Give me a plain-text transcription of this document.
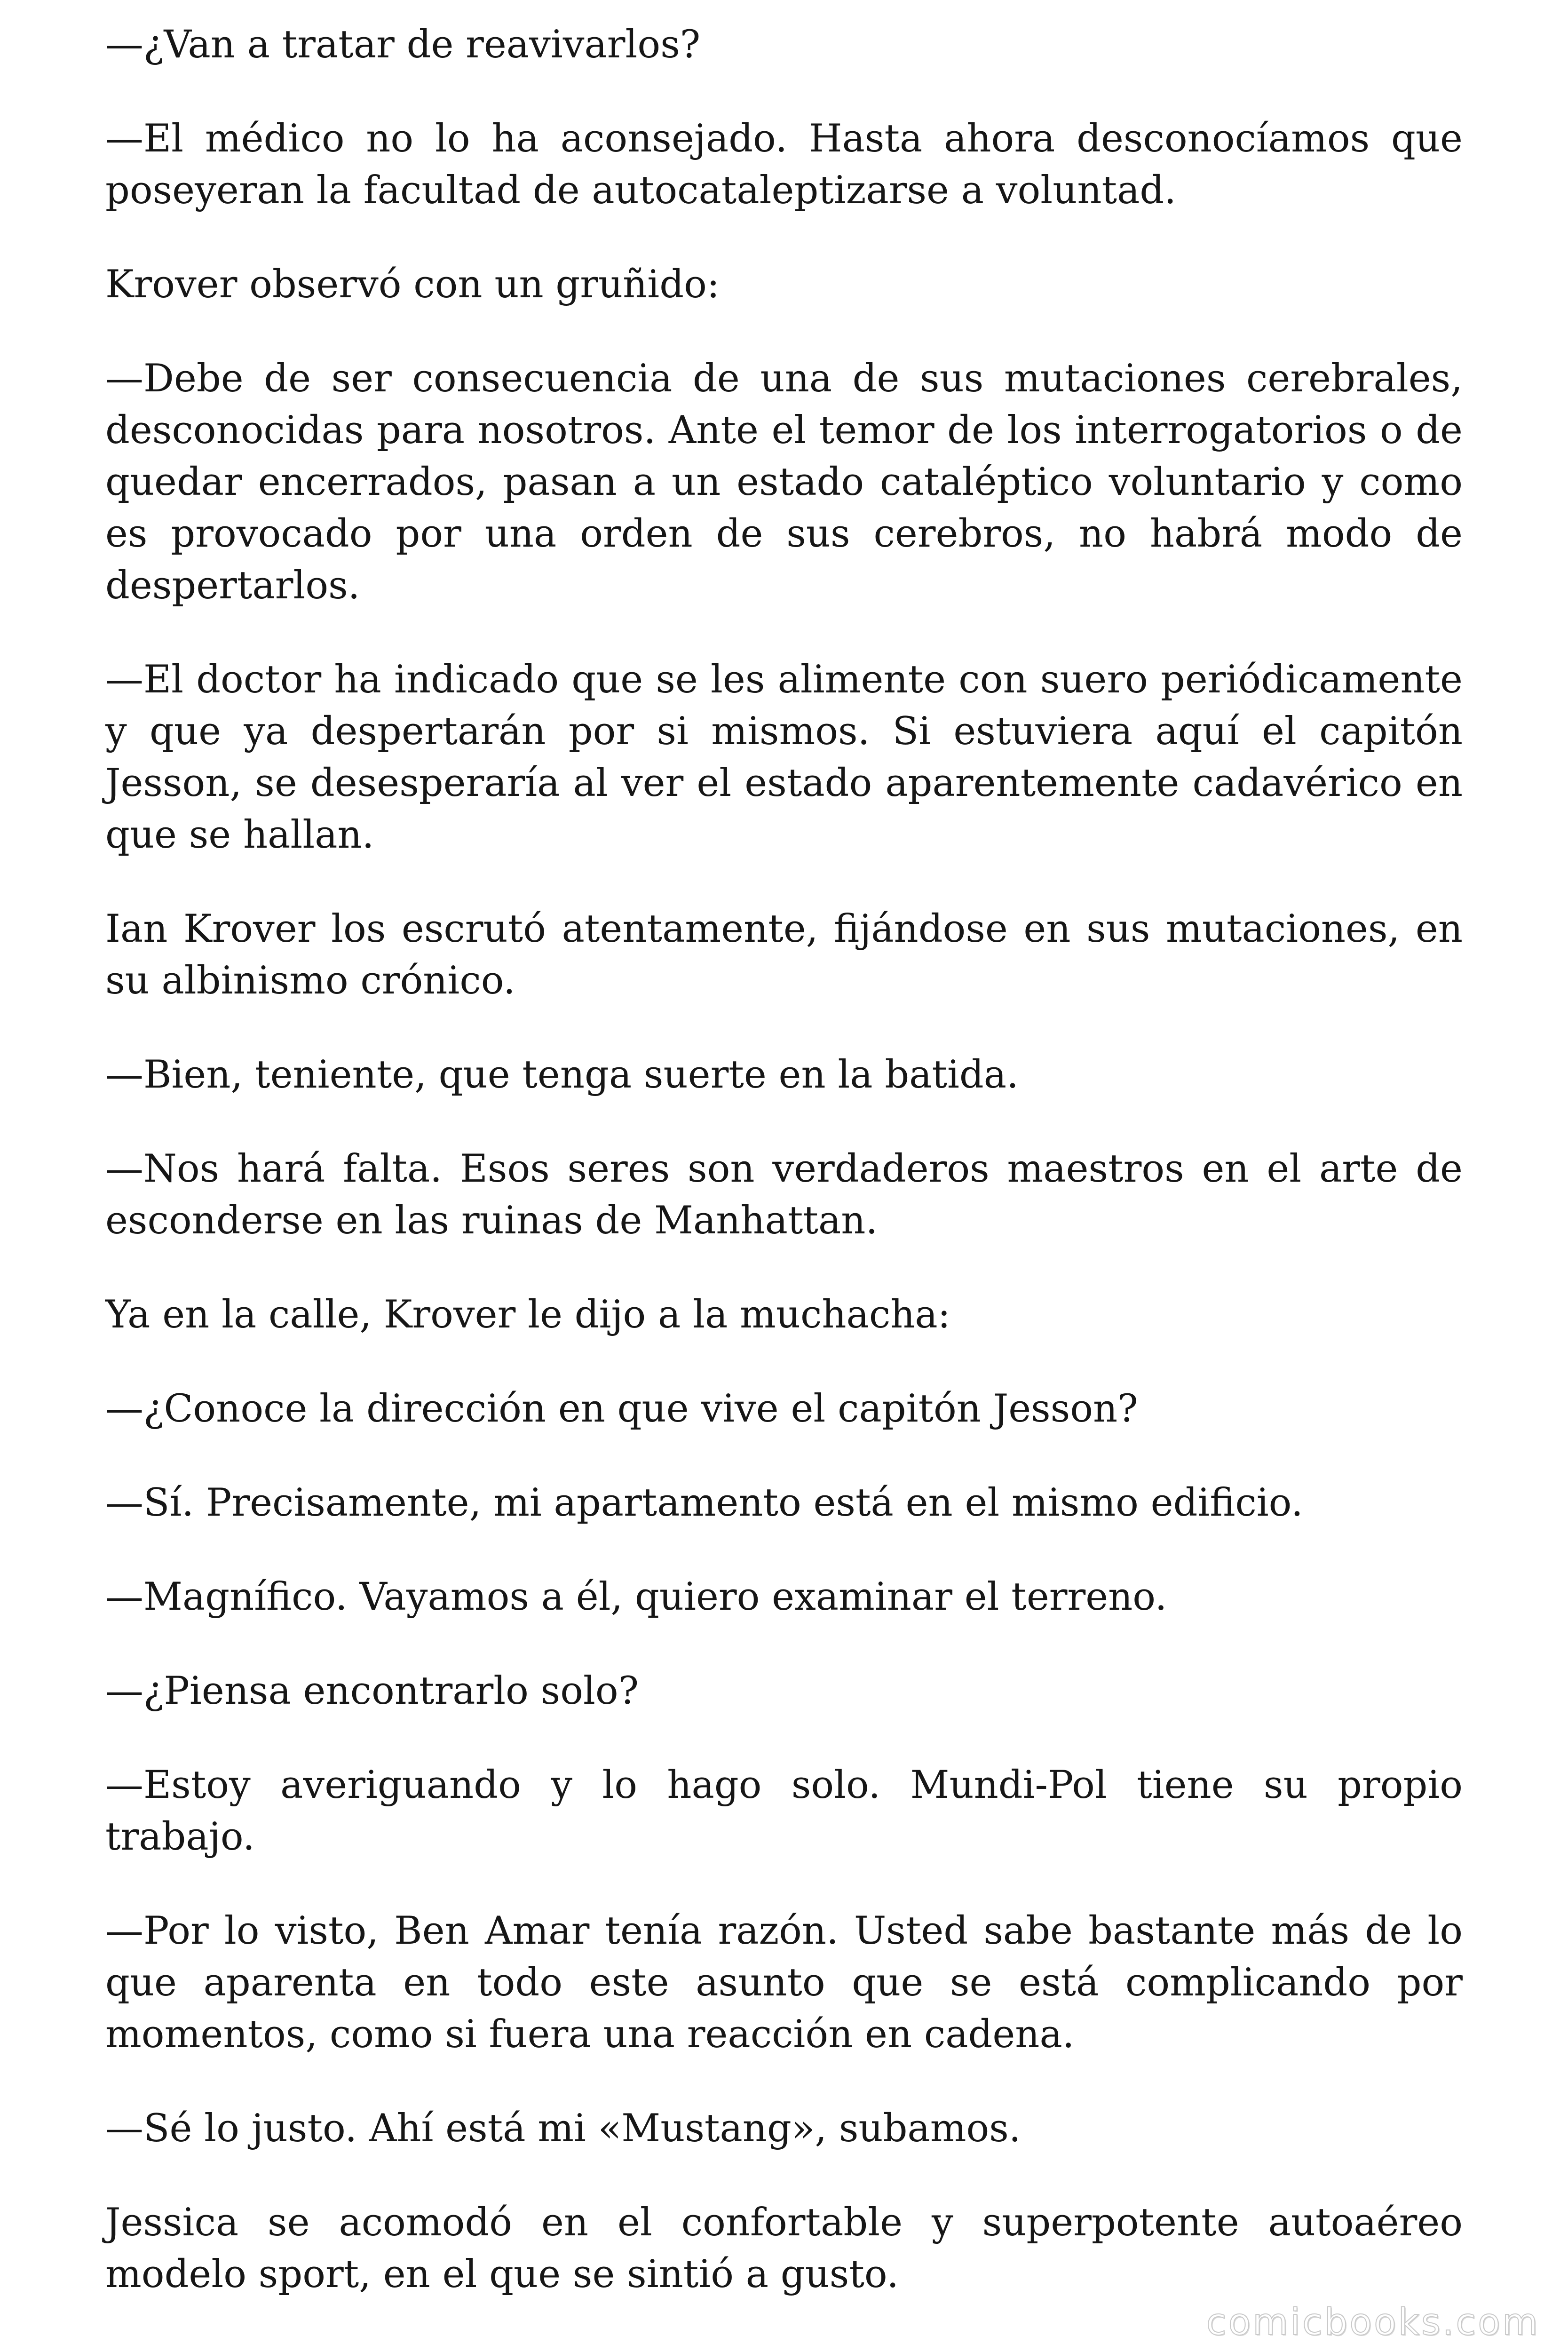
—¿Van a tratar de reavivarlos?

—El médico no lo ha aconsejado. Hasta ahora desconocíamos que poseyeran la facultad de autocataleptizarse a voluntad.

Krover observó con un gruñido:

—Debe de ser consecuencia de una de sus mutaciones cerebrales, desconocidas para nosotros. Ante el temor de los interrogatorios o de quedar encerrados, pasan a un estado cataléptico voluntario y como es provocado por una orden de sus cerebros, no habrá modo de despertarlos.

—El doctor ha indicado que se les alimente con suero periódicamente y que ya despertarán por si mismos. Si estuviera aquí el capitón Jesson, se desesperaría al ver el estado aparentemente cadavérico en que se hallan.

Ian Krover los escrutó atentamente, fijándose en sus mutaciones, en su albinismo crónico.

—Bien, teniente, que tenga suerte en la batida.

—Nos hará falta. Esos seres son verdaderos maestros en el arte de esconderse en las ruinas de Manhattan.

Ya en la calle, Krover le dijo a la muchacha:

—¿Conoce la dirección en que vive el capitón Jesson?

—Sí. Precisamente, mi apartamento está en el mismo edificio.

—Magnífico. Vayamos a él, quiero examinar el terreno.

—¿Piensa encontrarlo solo?

—Estoy averiguando y lo hago solo. Mundi-Pol tiene su propio trabajo.

—Por lo visto, Ben Amar tenía razón. Usted sabe bastante más de lo que aparenta en todo este asunto que se está complicando por momentos, como si fuera una reacción en cadena.

—Sé lo justo. Ahí está mi «Mustang», subamos.

Jessica se acomodó en el confortable y superpotente autoaéreo modelo sport, en el que se sintió a gusto.

comicbooks.com
